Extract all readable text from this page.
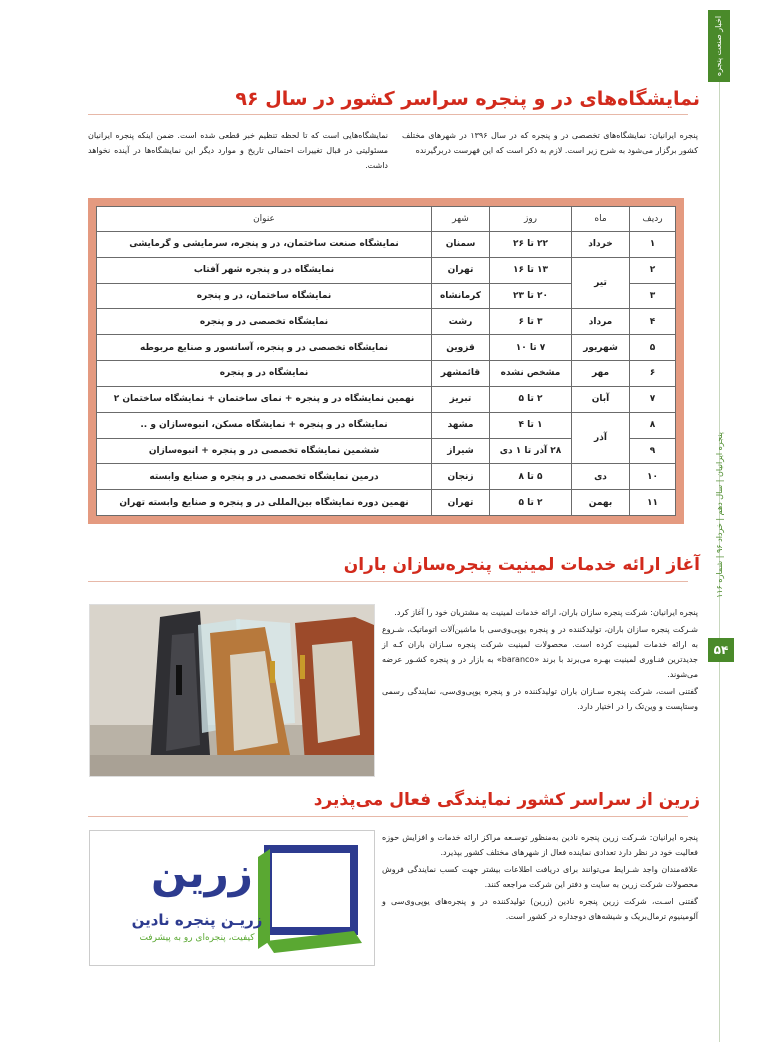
اخبار صنعت پنجره
پنجره ایرانیان | سال دهم | خرداد ۹۶ | شماره ۱۱۶
۵۴
نمایشگاه‌های در و پنجره سراسر کشور در سال ۹۶
پنجره ایرانیان: نمایشگاه‌های تخصصی در و پنجره که در سال ۱۳۹۶ در شهرهای مختلف کشور برگزار می‌شود به شرح زیر است. لازم به ذکر است که این فهرست دربرگیرنده
نمایشگاه‌هایی است که تا لحظه تنظیم خبر قطعی شده است. ضمن اینکه پنجره ایرانیان مسئولیتی در قبال تغییرات احتمالی تاریخ و موارد دیگر این نمایشگاه‌ها در آینده نخواهد داشت.
ردیف	ماه	روز	شهر	عنوان
۱	خرداد	۲۲ تا ۲۶	سمنان	نمایشگاه صنعت ساختمان، در و پنجره، سرمایشی و گرمایشی
۲	تیر	۱۳ تا ۱۶	تهران	نمایشگاه در و پنجره شهر آفتاب
۳		۲۰ تا ۲۳	کرمانشاه	نمایشگاه ساختمان، در و پنجره
۴	مرداد	۳ تا ۶	رشت	نمایشگاه تخصصی در و پنجره
۵	شهریور	۷ تا ۱۰	قزوین	نمایشگاه تخصصی در و پنجره، آسانسور و صنایع مربوطه
۶	مهر	مشخص نشده	قائمشهر	نمایشگاه در و پنجره
۷	آبان	۲ تا ۵	تبریز	نهمین نمایشگاه در و پنجره + نمای ساختمان + نمایشگاه ساختمان ۲
۸	آذر	۱ تا ۴	مشهد	نمایشگاه در و پنجره + نمایشگاه مسکن، انبوه‌سازان و ..
۹		۲۸ آذر تا ۱ دی	شیراز	ششمین نمایشگاه تخصصی در و پنجره + انبوه‌سازان
۱۰	دی	۵ تا ۸	زنجان	درمین نمایشگاه تخصصی در و پنجره و صنایع وابسته
۱۱	بهمن	۲ تا ۵	تهران	نهمین دوره نمایشگاه بین‌المللی در و پنجره و صنایع وابسته تهران
آغاز ارائه خدمات لمینیت پنجره‌سازان باران

پنجره ایرانیان: شرکت پنجره سازان باران، ارائه خدمات لمینیت به مشتریان خود را آغاز کرد.

شـرکت پنجره سازان باران، تولیدکننده در و پنجره یو‌پی‌وی‌سی با ماشین‌آلات اتوماتیک، شـروع به ارائه خدمات لمینیت کرده است. محصولات لمینیت شرکت پنجره سـازان باران کـه از جدیدترین فنـاوری لمینیت بهـره می‌برند با برند «baranco» به بازار در و پنجره کشـور عرضه می‌شوند.

گفتنی است، شرکت پنجره سـازان باران تولیدکننده در و پنجره یو‌پی‌وی‌سی، نمایندگی رسمی وستاپست و وین‌تک را در اختیار دارد.

زرین از سراسر کشور نمایندگی فعال می‌پذیرد
زرین
زریـن پنجره نادین
کیفیت، پنجره‌ای رو به پیشرفت

پنجره ایرانیان: شـرکت زرین پنجره نادین به‌منظور توسـعه مراکز ارائه خدمات و افزایش حوزه فعالیت خود در نظر دارد تعدادی نماینده فعال از شهرهای مختلف کشور بپذیرد.

علاقه‌مندان واجد شـرایط می‌توانند برای دریافت اطلاعات بیشتر جهت کسب نمایندگی فروش محصولات شرکت زرین به سایت و دفتر این شرکت مراجعه کنند.

گفتنی اسـت، شرکت زرین پنجره نادین (زرین) تولیدکننده در و پنجره‌های یو‌پی‌وی‌سی و آلومینیوم ترمال‌بریک و شیشه‌های دوجداره در کشور است.
